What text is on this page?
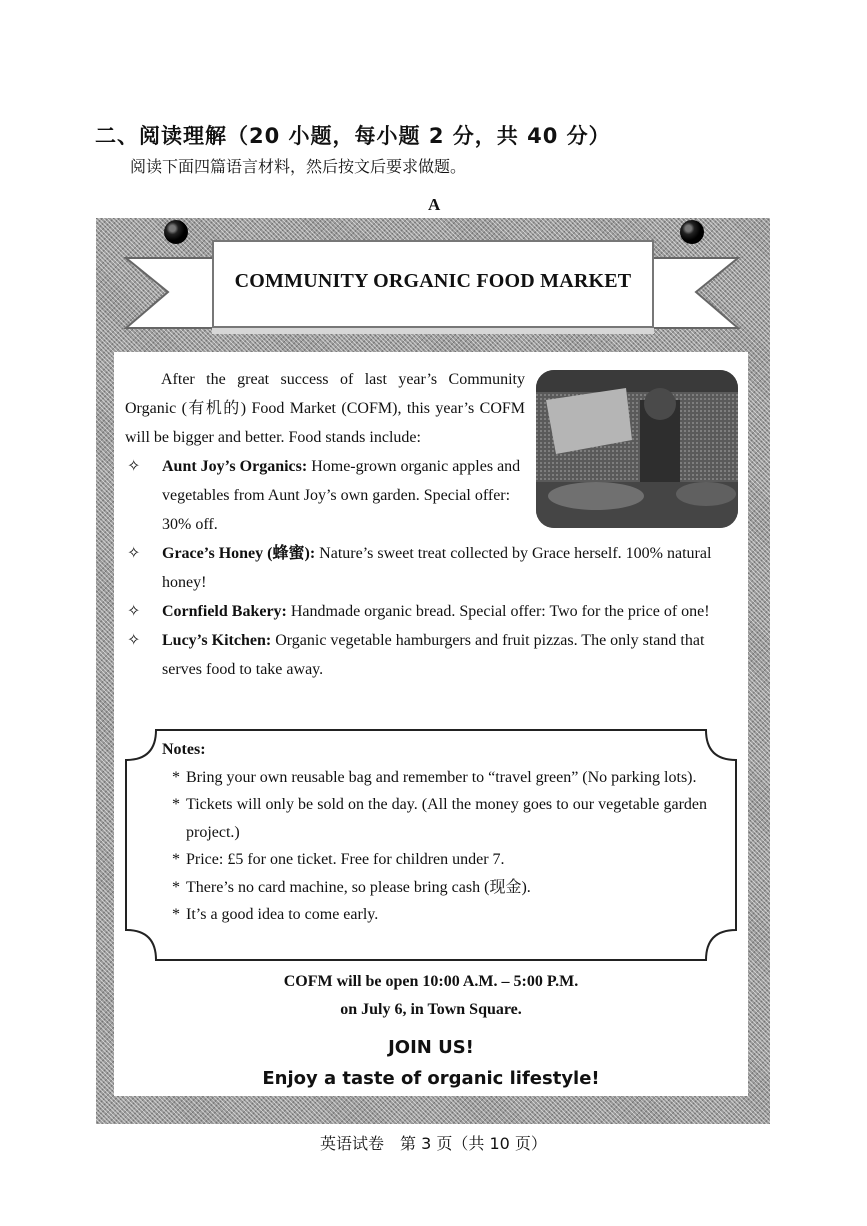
二、阅读理解（20 小题，每小题 2 分，共 40 分）
阅读下面四篇语言材料，然后按文后要求做题。
A
COMMUNITY ORGANIC FOOD MARKET
After the great success of last year’s Community Organic (有机的) Food Market (COFM), this year’s COFM will be bigger and better. Food stands include:
✧ Aunt Joy’s Organics: Home-grown organic apples and vegetables from Aunt Joy’s own garden. Special offer: 30% off.
✧ Grace’s Honey (蜂蜜): Nature’s sweet treat collected by Grace herself. 100% natural honey!
✧ Cornfield Bakery: Handmade organic bread. Special offer: Two for the price of one!
✧ Lucy’s Kitchen: Organic vegetable hamburgers and fruit pizzas. The only stand that serves food to take away.
Notes:
* Bring your own reusable bag and remember to “travel green” (No parking lots).
* Tickets will only be sold on the day. (All the money goes to our vegetable garden project.)
* Price: £5 for one ticket. Free for children under 7.
* There’s no card machine, so please bring cash (现金).
* It’s a good idea to come early.
COFM will be open 10:00 A.M. – 5:00 P.M.
on July 6, in Town Square.
JOIN US!
Enjoy a taste of organic lifestyle!
英语试卷　第 3 页（共 10 页）
